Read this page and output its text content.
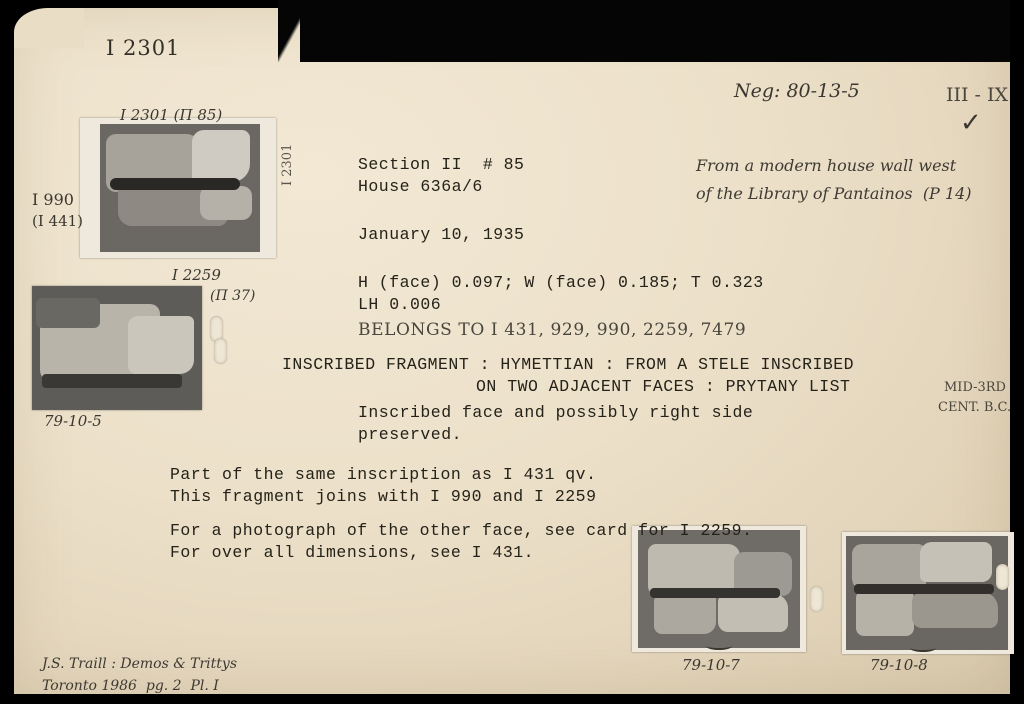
I 2301 (Π 85)
I 2259
(Π 37)
79-10-5
79-10-7	79-10-8
I 2301
I 990
(I 441)
I 2301
Neg: 80-13-5	III - IX
✓
From a modern house wall west
of the Library of Pantainos  (P 14)
Section II  # 85
House 636a/6
January 10, 1935
H (face) 0.097; W (face) 0.185; T 0.323
LH 0.006
BELONGS TO I 431, 929, 990, 2259, 7479
INSCRIBED FRAGMENT : HYMETTIAN : FROM A STELE INSCRIBED
ON TWO ADJACENT FACES : PRYTANY LIST	MID-3RD
CENT. B.C.
Inscribed face and possibly right side
preserved.
Part of the same inscription as I 431 qv.
This fragment joins with I 990 and I 2259
For a photograph of the other face, see card for I 2259.
For over all dimensions, see I 431.
J.S. Traill : Demos & Trittys
Toronto 1986  pg. 2  Pl. I
